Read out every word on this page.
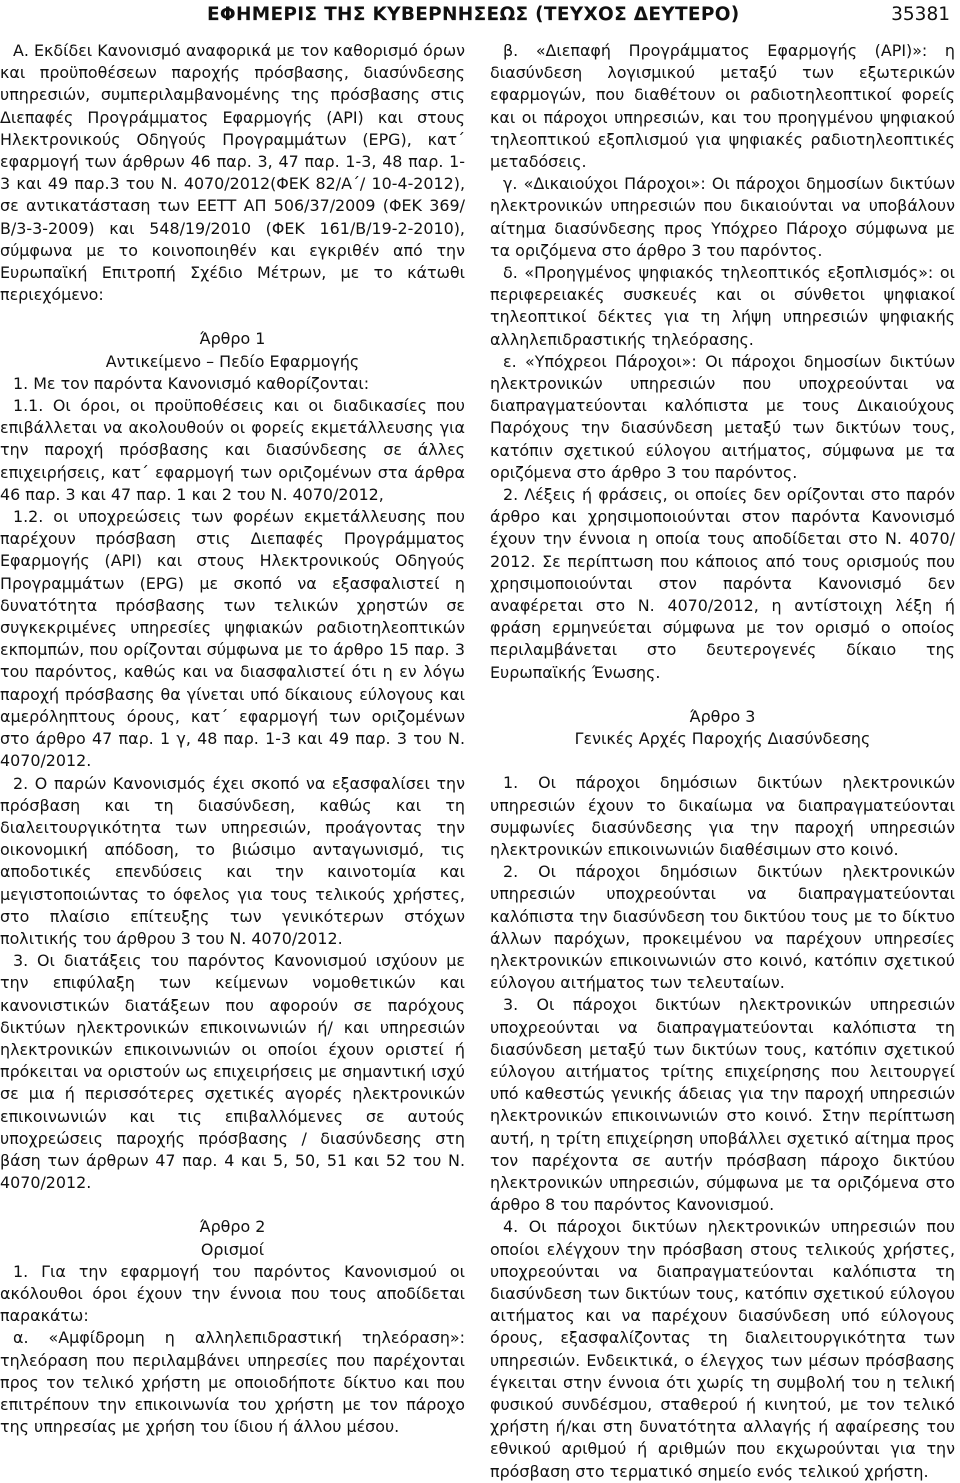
ΕΦΗΜΕΡΙΣ ΤΗΣ ΚΥΒΕΡΝΗΣΕΩΣ (ΤΕΥΧΟΣ ΔΕΥΤΕΡΟ)	35381

Α. Εκδίδει Κανονισμό αναφορικά με τον καθορισμό όρων και προϋποθέσεων παροχής πρόσβασης, διασύνδεσης υπηρεσιών, συμπεριλαμβανομένης της πρόσβασης στις Διεπαφές Προγράμματος Εφαρμογής (API) και στους Ηλεκτρονικούς Οδηγούς Προγραμμάτων (EPG), κατ΄ εφαρμογή των άρθρων 46 παρ. 3, 47 παρ. 1-3, 48 παρ. 1-3 και 49 παρ.3 του Ν. 4070/2012(ΦΕΚ 82/Α΄/ 10-4-2012), σε αντικατάσταση των ΕΕΤΤ ΑΠ 506/37/2009 (ΦΕΚ 369/Β/3-3-2009) και 548/19/2010 (ΦΕΚ 161/Β/19-2-2010), σύμφωνα με το κοινοποιηθέν και εγκριθέν από την Ευρωπαϊκή Επιτροπή Σχέδιο Μέτρων, με το κάτωθι περιεχόμενο:

Άρθρο 1

Αντικείμενο – Πεδίο Εφαρμογής

1. Με τον παρόντα Κανονισμό καθορίζονται:

1.1. Οι όροι, οι προϋποθέσεις και οι διαδικασίες που επιβάλλεται να ακολουθούν οι φορείς εκμετάλλευσης για την παροχή πρόσβασης και διασύνδεσης σε άλλες επιχειρήσεις, κατ΄ εφαρμογή των οριζομένων στα άρθρα 46 παρ. 3 και 47 παρ. 1 και 2 του Ν. 4070/2012,

1.2. οι υποχρεώσεις των φορέων εκμετάλλευσης που παρέχουν πρόσβαση στις Διεπαφές Προγράμματος Εφαρμογής (API) και στους Ηλεκτρονικούς Οδηγούς Προγραμμάτων (EPG) με σκοπό να εξασφαλιστεί η δυνατότητα πρόσβασης των τελικών χρηστών σε συγκεκριμένες υπηρεσίες ψηφιακών ραδιοτηλεοπτικών εκπομπών, που ορίζονται σύμφωνα με το άρθρο 15 παρ. 3 του παρόντος, καθώς και να διασφαλιστεί ότι η εν λόγω παροχή πρόσβασης θα γίνεται υπό δίκαιους εύλογους και αμερόληπτους όρους, κατ΄ εφαρμογή των οριζομένων στο άρθρο 47 παρ. 1 γ, 48 παρ. 1-3 και 49 παρ. 3 του Ν. 4070/2012.

2. Ο παρών Κανονισμός έχει σκοπό να εξασφαλίσει την πρόσβαση και τη διασύνδεση, καθώς και τη διαλειτουργικότητα των υπηρεσιών, προάγοντας την οικονομική απόδοση, το βιώσιμο ανταγωνισμό, τις αποδοτικές επενδύσεις και την καινοτομία και μεγιστοποιώντας το όφελος για τους τελικούς χρήστες, στο πλαίσιο επίτευξης των γενικότερων στόχων πολιτικής του άρθρου 3 του Ν. 4070/2012.

3. Οι διατάξεις του παρόντος Κανονισμού ισχύουν με την επιφύλαξη των κείμενων νομοθετικών και κανονιστικών διατάξεων που αφορούν σε παρόχους δικτύων ηλεκτρονικών επικοινωνιών ή/ και υπηρεσιών ηλεκτρονικών επικοινωνιών οι οποίοι έχουν οριστεί ή πρόκειται να οριστούν ως επιχειρήσεις με σημαντική ισχύ σε μια ή περισσότερες σχετικές αγορές ηλεκτρονικών επικοινωνιών και τις επιβαλλόμενες σε αυτούς υποχρεώσεις παροχής πρόσβασης / διασύνδεσης στη βάση των άρθρων 47 παρ. 4 και 5, 50, 51 και 52 του Ν. 4070/2012.

Άρθρο 2

Ορισμοί

1. Για την εφαρμογή του παρόντος Κανονισμού οι ακόλουθοι όροι έχουν την έννοια που τους αποδίδεται παρακάτω:

α. «Αμφίδρομη η αλληλεπιδραστική τηλεόραση»: τηλεόραση που περιλαμβάνει υπηρεσίες που παρέχονται προς τον τελικό χρήστη με οποιοδήποτε δίκτυο και που επιτρέπουν την επικοινωνία του χρήστη με τον πάροχο της υπηρεσίας με χρήση του ίδιου ή άλλου μέσου.

β. «Διεπαφή Προγράμματος Εφαρμογής (API)»: η διασύνδεση λογισμικού μεταξύ των εξωτερικών εφαρμογών, που διαθέτουν οι ραδιοτηλεοπτικοί φορείς και οι πάροχοι υπηρεσιών, και του προηγμένου ψηφιακού τηλεοπτικού εξοπλισμού για ψηφιακές ραδιοτηλεοπτικές μεταδόσεις.

γ. «Δικαιούχοι Πάροχοι»: Οι πάροχοι δημοσίων δικτύων ηλεκτρονικών υπηρεσιών που δικαιούνται να υποβάλουν αίτημα διασύνδεσης προς Υπόχρεο Πάροχο σύμφωνα με τα οριζόμενα στο άρθρο 3 του παρόντος.

δ. «Προηγμένος ψηφιακός τηλεοπτικός εξοπλισμός»: οι περιφερειακές συσκευές και οι σύνθετοι ψηφιακοί τηλεοπτικοί δέκτες για τη λήψη υπηρεσιών ψηφιακής αλληλεπιδραστικής τηλεόρασης.

ε. «Υπόχρεοι Πάροχοι»: Οι πάροχοι δημοσίων δικτύων ηλεκτρονικών υπηρεσιών που υποχρεούνται να διαπραγματεύονται καλόπιστα με τους Δικαιούχους Παρόχους την διασύνδεση μεταξύ των δικτύων τους, κατόπιν σχετικού εύλογου αιτήματος, σύμφωνα με τα οριζόμενα στο άρθρο 3 του παρόντος.

2. Λέξεις ή φράσεις, οι οποίες δεν ορίζονται στο παρόν άρθρο και χρησιμοποιούνται στον παρόντα Κανονισμό έχουν την έννοια η οποία τους αποδίδεται στο Ν. 4070/ 2012. Σε περίπτωση που κάποιος από τους ορισμούς που χρησιμοποιούνται στον παρόντα Κανονισμό δεν αναφέρεται στο Ν. 4070/2012, η αντίστοιχη λέξη ή φράση ερμηνεύεται σύμφωνα με τον ορισμό ο οποίος περιλαμβάνεται στο δευτερογενές δίκαιο της Ευρωπαϊκής Ένωσης.

Άρθρο 3

Γενικές Αρχές Παροχής Διασύνδεσης

1. Οι πάροχοι δημόσιων δικτύων ηλεκτρονικών υπηρεσιών έχουν το δικαίωμα να διαπραγματεύονται συμφωνίες διασύνδεσης για την παροχή υπηρεσιών ηλεκτρονικών επικοινωνιών διαθέσιμων στο κοινό.

2. Οι πάροχοι δημόσιων δικτύων ηλεκτρονικών υπηρεσιών υποχρεούνται να διαπραγματεύονται καλόπιστα την διασύνδεση του δικτύου τους με το δίκτυο άλλων παρόχων, προκειμένου να παρέχουν υπηρεσίες ηλεκτρονικών επικοινωνιών στο κοινό, κατόπιν σχετικού εύλογου αιτήματος των τελευταίων.

3. Οι πάροχοι δικτύων ηλεκτρονικών υπηρεσιών υποχρεούνται να διαπραγματεύονται καλόπιστα τη διασύνδεση μεταξύ των δικτύων τους, κατόπιν σχετικού εύλογου αιτήματος τρίτης επιχείρησης που λειτουργεί υπό καθεστώς γενικής άδειας για την παροχή υπηρεσιών ηλεκτρονικών επικοινωνιών στο κοινό. Στην περίπτωση αυτή, η τρίτη επιχείρηση υποβάλλει σχετικό αίτημα προς τον παρέχοντα σε αυτήν πρόσβαση πάροχο δικτύου ηλεκτρονικών υπηρεσιών, σύμφωνα με τα οριζόμενα στο άρθρο 8 του παρόντος Κανονισμού.

4. Οι πάροχοι δικτύων ηλεκτρονικών υπηρεσιών που οποίοι ελέγχουν την πρόσβαση στους τελικούς χρήστες, υποχρεούνται να διαπραγματεύονται καλόπιστα τη διασύνδεση των δικτύων τους, κατόπιν σχετικού εύλογου αιτήματος και να παρέχουν διασύνδεση υπό εύλογους όρους, εξασφαλίζοντας τη διαλειτουργικότητα των υπηρεσιών. Ενδεικτικά, ο έλεγχος των μέσων πρόσβασης έγκειται στην έννοια ότι χωρίς τη συμβολή του η τελική φυσικού συνδέσμου, σταθερού ή κινητού, με τον τελικό χρήστη ή/και στη δυνατότητα αλλαγής ή αφαίρεσης του εθνικού αριθμού ή αριθμών που εκχωρούνται για την πρόσβαση στο τερματικό σημείο ενός τελικού χρήστη.
